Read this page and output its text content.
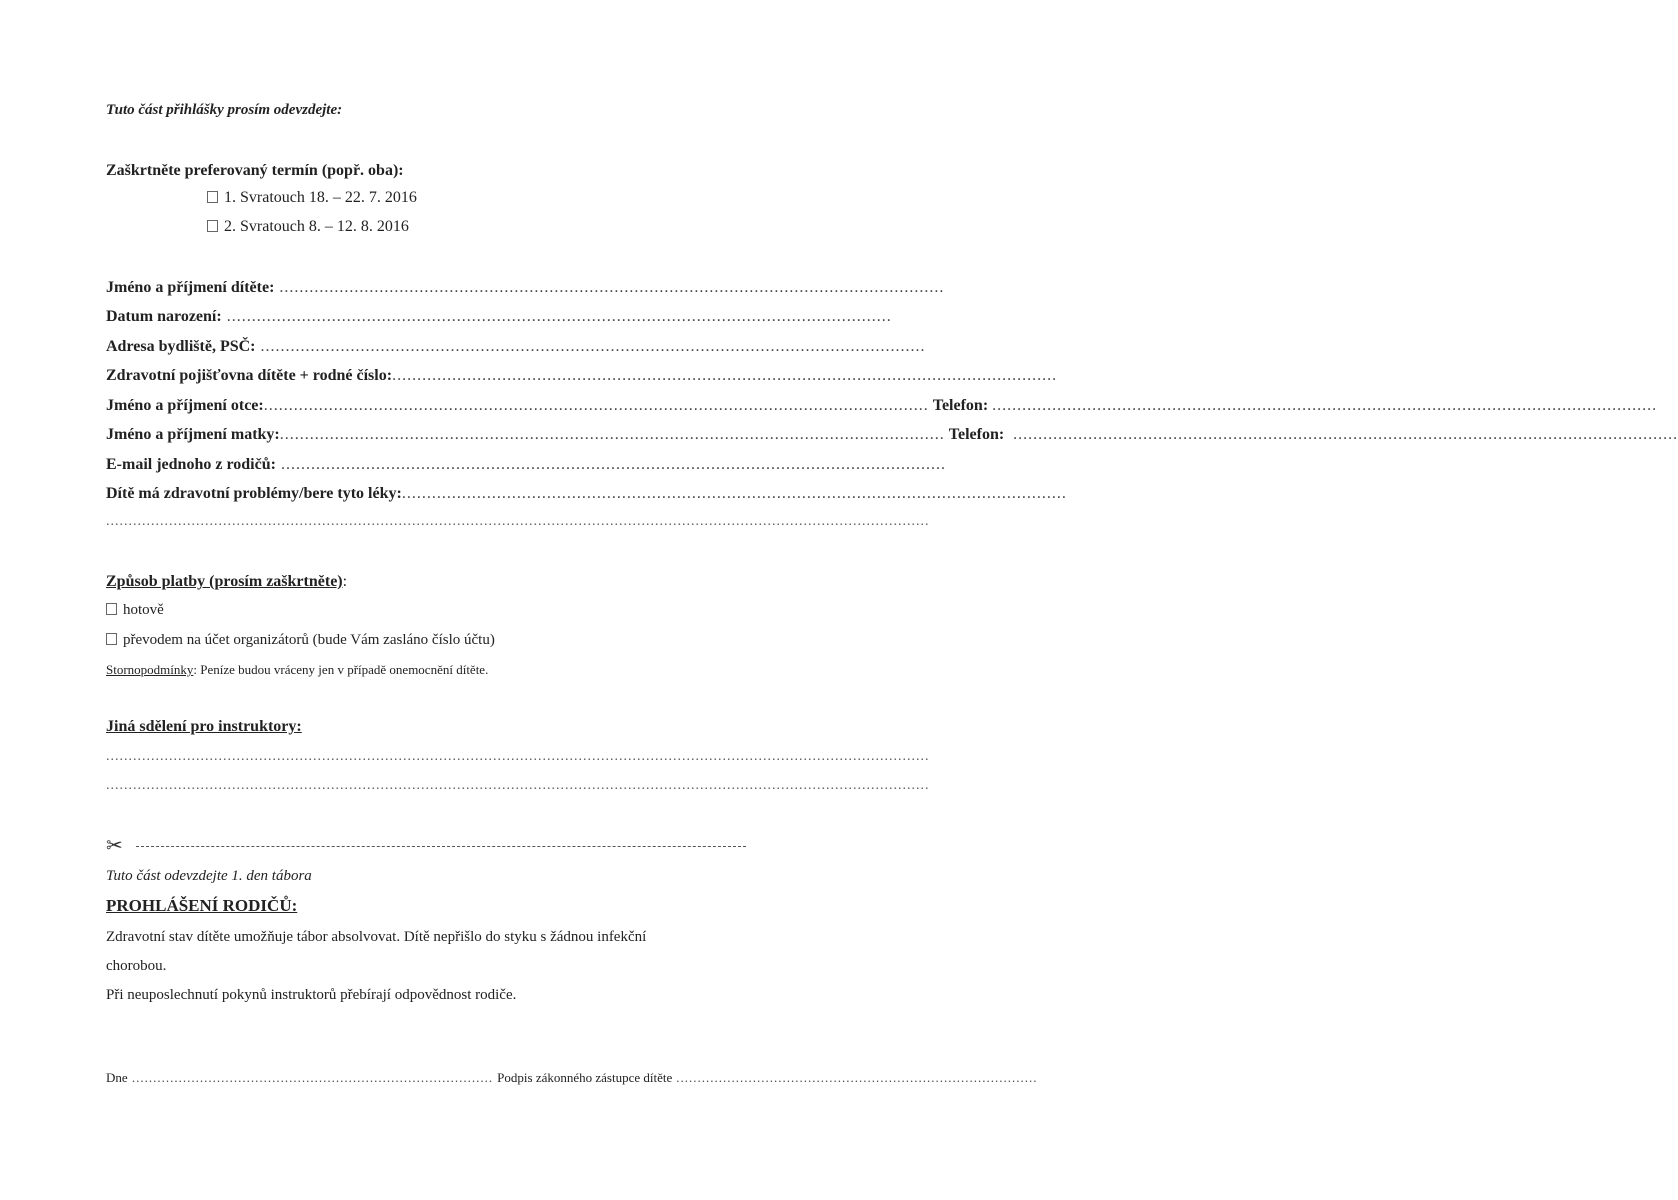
Tuto část přihlášky prosím odevzdejte:
Zaškrtněte preferovaný termín (popř. oba):
1. Svratouch 18. – 22. 7. 2016
2. Svratouch 8. – 12. 8. 2016
Jméno a příjmení dítěte: .....................................................................................................................................
Datum narození: .....................................................................................................................................
Adresa bydliště, PSČ: .....................................................................................................................................
Zdravotní pojišťovna dítěte + rodné číslo: .....................................................................................................................................
Jméno a příjmení otce: ..................................................................................................................................... Telefon: .....................................................................................................................................
Jméno a příjmení matky: ..................................................................................................................................... Telefon: .....................................................................................................................................
E-mail jednoho z rodičů: .....................................................................................................................................
Dítě má zdravotní problémy/bere tyto léky: .....................................................................................................................................
.......................................................................................................................................................................................
Způsob platby (prosím zaškrtněte):
hotově
převodem na účet organizátorů (bude Vám zasláno číslo účtu)
Stornopodmínky: Peníze budou vráceny jen v případě onemocnění dítěte.
Jiná sdělení pro instruktory:
.......................................................................................................................................................................................
.......................................................................................................................................................................................
✂
Tuto část odevzdejte 1. den tábora
PROHLÁŠENÍ RODIČŮ:
Zdravotní stav dítěte umožňuje tábor absolvovat. Dítě nepřišlo do styku s žádnou infekční
chorobou.
Při neuposlechnutí pokynů instruktorů přebírají odpovědnost rodiče.
Dne ..................................................................................... Podpis zákonného zástupce dítěte .....................................................................................
